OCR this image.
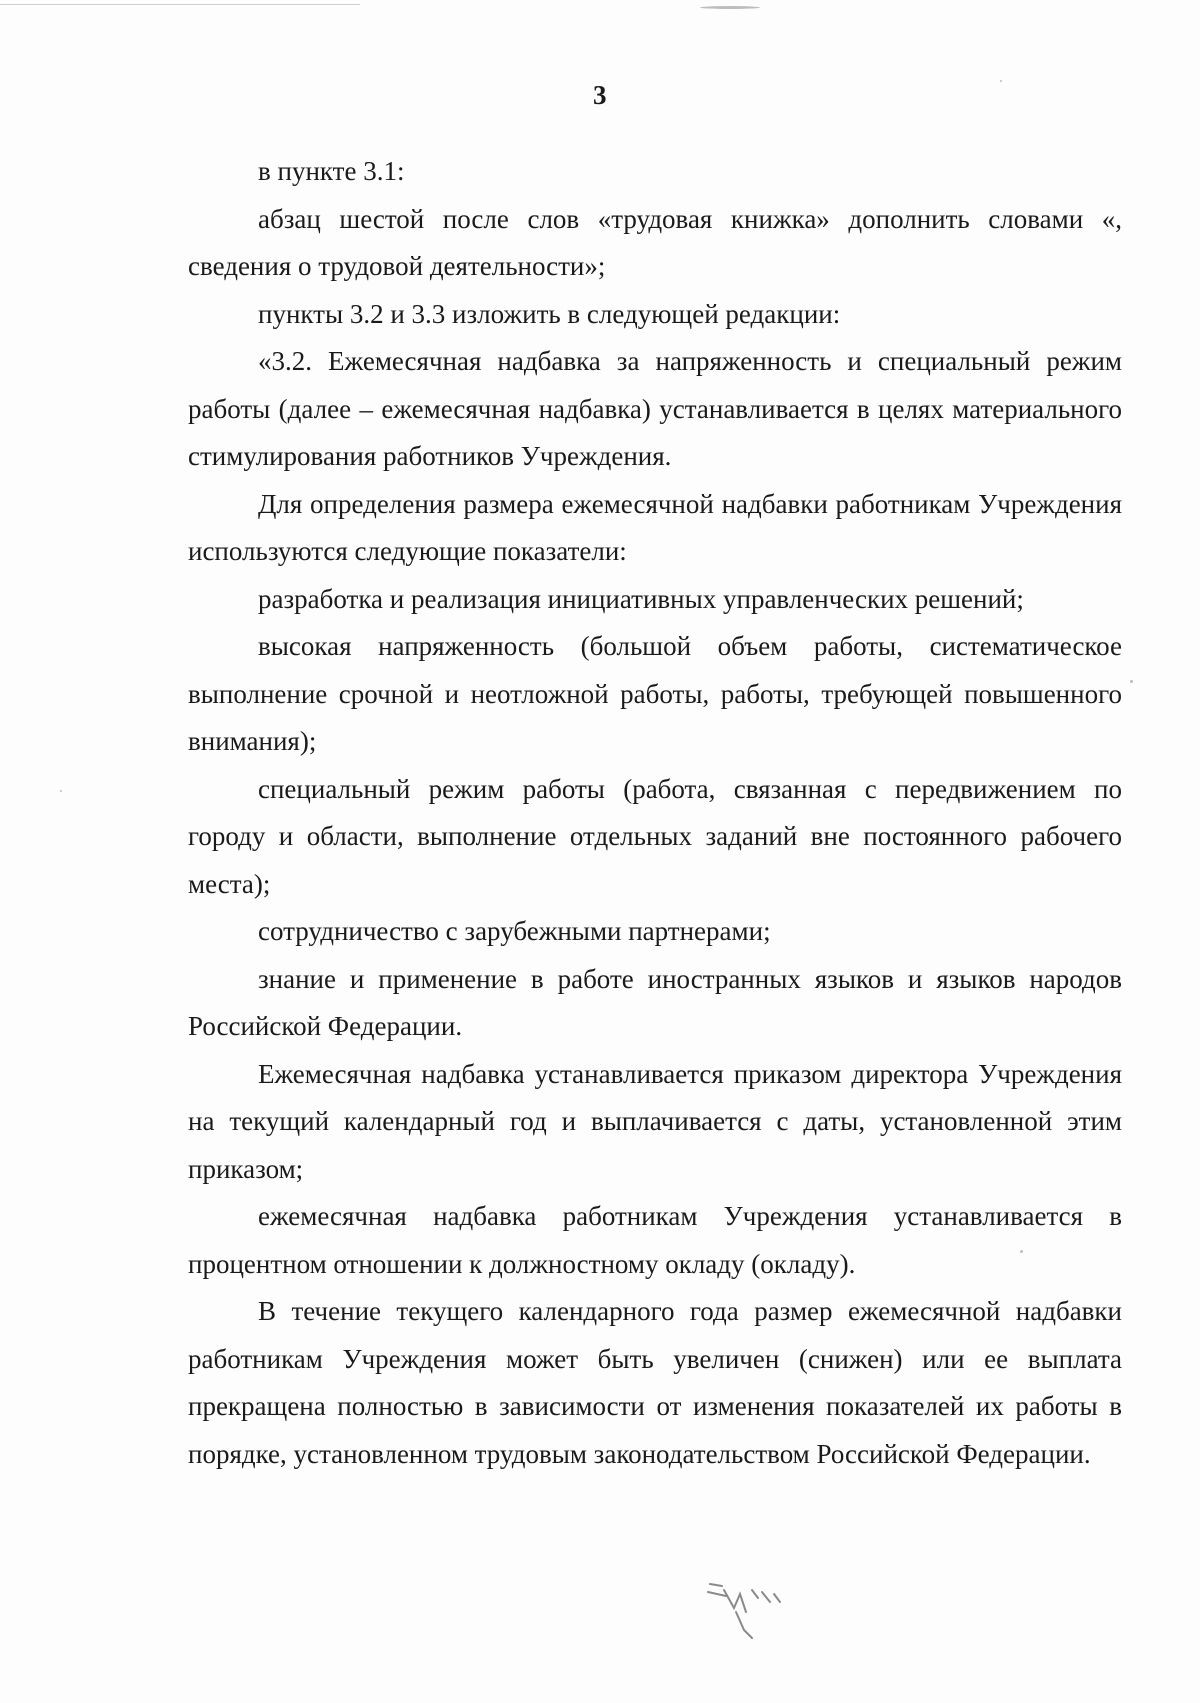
3

в пункте 3.1:

абзац шестой после слов «трудовая книжка» дополнить словами «, сведения о трудовой деятельности»;

пункты 3.2 и 3.3 изложить в следующей редакции:

«3.2. Ежемесячная надбавка за напряженность и специальный режим работы (далее – ежемесячная надбавка) устанавливается в целях материального стимулирования работников Учреждения.

Для определения размера ежемесячной надбавки работникам Учреждения используются следующие показатели:

разработка и реализация инициативных управленческих решений;

высокая напряженность (большой объем работы, систематическое выполнение срочной и неотложной работы, работы, требующей повышенного внимания);

специальный режим работы (работа, связанная с передвижением по городу и области, выполнение отдельных заданий вне постоянного рабочего места);

сотрудничество с зарубежными партнерами;

знание и применение в работе иностранных языков и языков народов Российской Федерации.

Ежемесячная надбавка устанавливается приказом директора Учреждения на текущий календарный год и выплачивается с даты, установленной этим приказом;

ежемесячная надбавка работникам Учреждения устанавливается в процентном отношении к должностному окладу (окладу).

В течение текущего календарного года размер ежемесячной надбавки работникам Учреждения может быть увеличен (снижен) или ее выплата прекращена полностью в зависимости от изменения показателей их работы в порядке, установленном трудовым законодательством Российской Федерации.
